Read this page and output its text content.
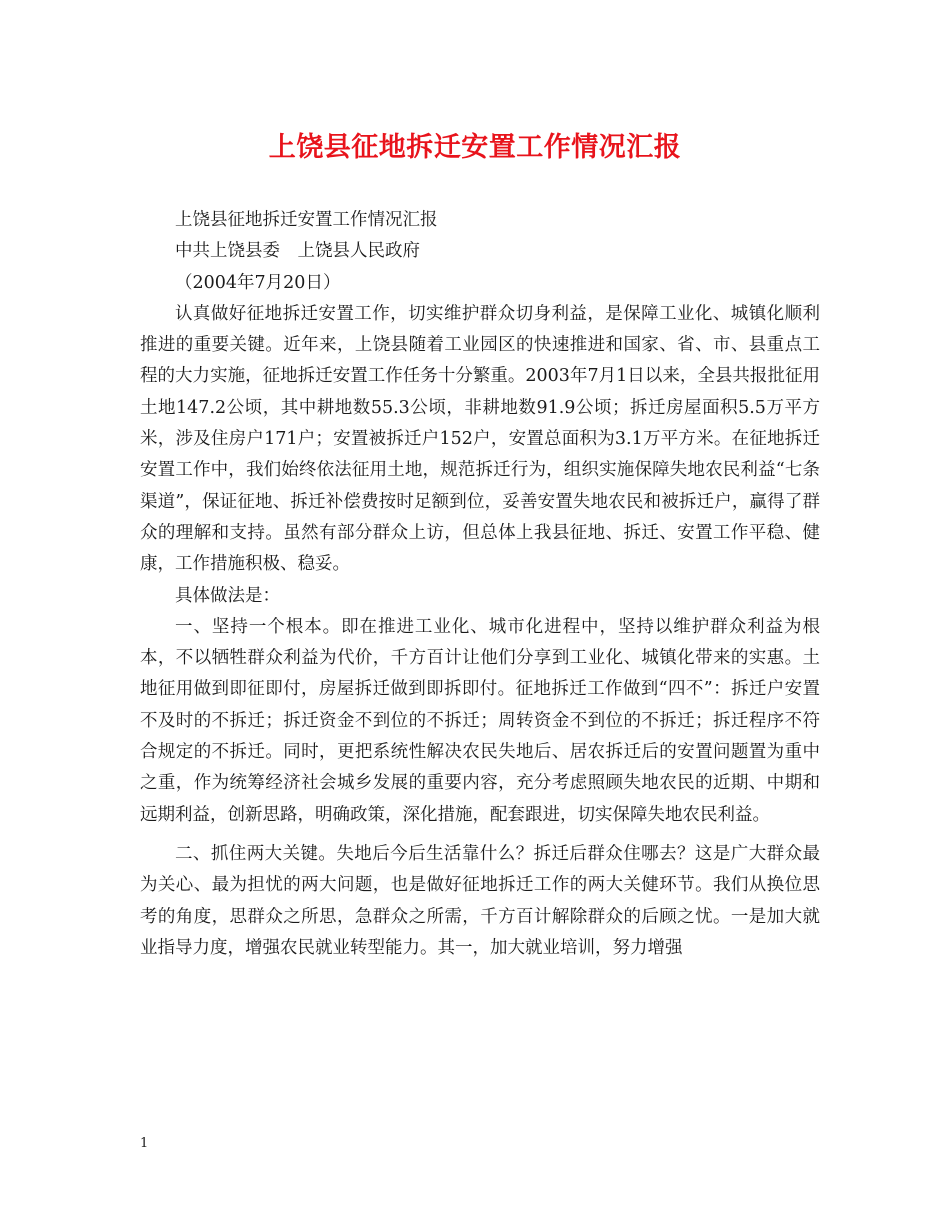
上饶县征地拆迁安置工作情况汇报

上饶县征地拆迁安置工作情况汇报

中共上饶县委　上饶县人民政府

（2004年7月20日）

认真做好征地拆迁安置工作，切实维护群众切身利益，是保障工业化、城镇化顺利推进的重要关键。近年来，上饶县随着工业园区的快速推进和国家、省、市、县重点工程的大力实施，征地拆迁安置工作任务十分繁重。2003年7月1日以来，全县共报批征用土地147.2公顷，其中耕地数55.3公顷，非耕地数91.9公顷；拆迁房屋面积5.5万平方米，涉及住房户171户；安置被拆迁户152户，安置总面积为3.1万平方米。在征地拆迁安置工作中，我们始终依法征用土地，规范拆迁行为，组织实施保障失地农民利益“七条渠道”，保证征地、拆迁补偿费按时足额到位，妥善安置失地农民和被拆迁户，赢得了群众的理解和支持。虽然有部分群众上访，但总体上我县征地、拆迁、安置工作平稳、健康，工作措施积极、稳妥。

具体做法是：

一、坚持一个根本。即在推进工业化、城市化进程中，坚持以维护群众利益为根本，不以牺牲群众利益为代价，千方百计让他们分享到工业化、城镇化带来的实惠。土地征用做到即征即付，房屋拆迁做到即拆即付。征地拆迁工作做到“四不”：拆迁户安置不及时的不拆迁；拆迁资金不到位的不拆迁；周转资金不到位的不拆迁；拆迁程序不符合规定的不拆迁。同时，更把系统性解决农民失地后、居农拆迁后的安置问题置为重中之重，作为统筹经济社会城乡发展的重要内容，充分考虑照顾失地农民的近期、中期和远期利益，创新思路，明确政策，深化措施，配套跟进，切实保障失地农民利益。

二、抓住两大关键。失地后今后生活靠什么？拆迁后群众住哪去？这是广大群众最为关心、最为担忧的两大问题，也是做好征地拆迁工作的两大关健环节。我们从换位思考的角度，思群众之所思，急群众之所需，千方百计解除群众的后顾之忧。一是加大就业指导力度，增强农民就业转型能力。其一，加大就业培训，努力增强

1
